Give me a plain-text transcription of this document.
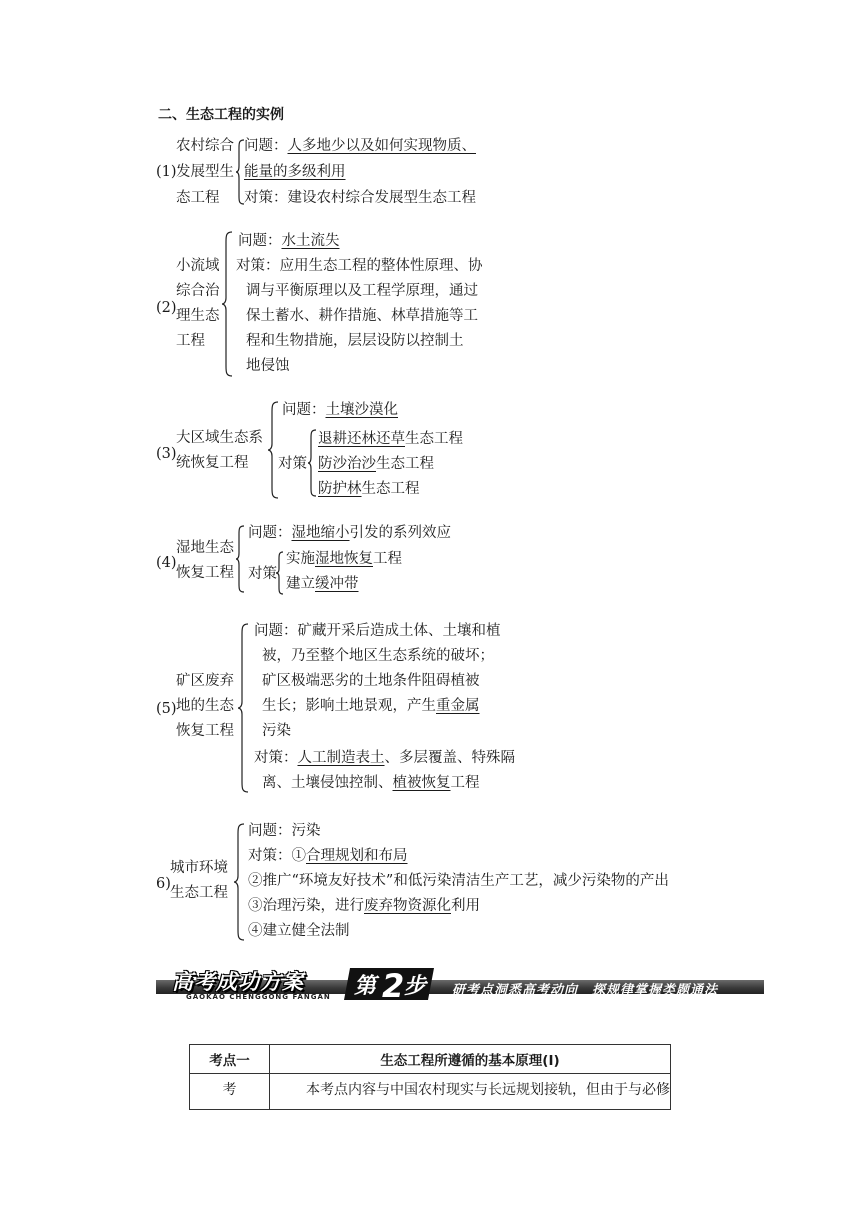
二、生态工程的实例
(1)
农村综合
发展型生
态工程
问题：人多地少以及如何实现物质、
能量的多级利用
对策：建设农村综合发展型生态工程
(2)
小流域
综合治
理生态
工程
问题：水土流失
对策：应用生态工程的整体性原理、协
调与平衡原理以及工程学原理，通过
保土蓄水、耕作措施、林草措施等工
程和生物措施，层层设防以控制土
地侵蚀
(3)
大区域生态系
统恢复工程
问题：土壤沙漠化
对策
退耕还林还草生态工程
防沙治沙生态工程
防护林生态工程
(4)
湿地生态
恢复工程
问题：湿地缩小引发的系列效应
对策
实施湿地恢复工程
建立缓冲带
(5)
矿区废弃
地的生态
恢复工程
问题：矿藏开采后造成土体、土壤和植
被，乃至整个地区生态系统的破坏；
矿区极端恶劣的土地条件阻碍植被
生长；影响土地景观，产生重金属
污染
对策：人工制造表土、多层覆盖、特殊隔
离、土壤侵蚀控制、植被恢复工程
6)
城市环境
生态工程
问题：污染
对策：①合理规划和布局
②推广“环境友好技术”和低污染清洁生产工艺，减少污染物的产出
③治理污染，进行废弃物资源化利用
④建立健全法制
高考成功方案
GAOKAO CHENGGONG FANGAN 第 2 步 研考点洞悉高考动向　探规律掌握类题通法
考点一	生态工程所遵循的基本原理(Ⅰ)
考	本考点内容与中国农村现实与长远规划接轨，但由于与必修
